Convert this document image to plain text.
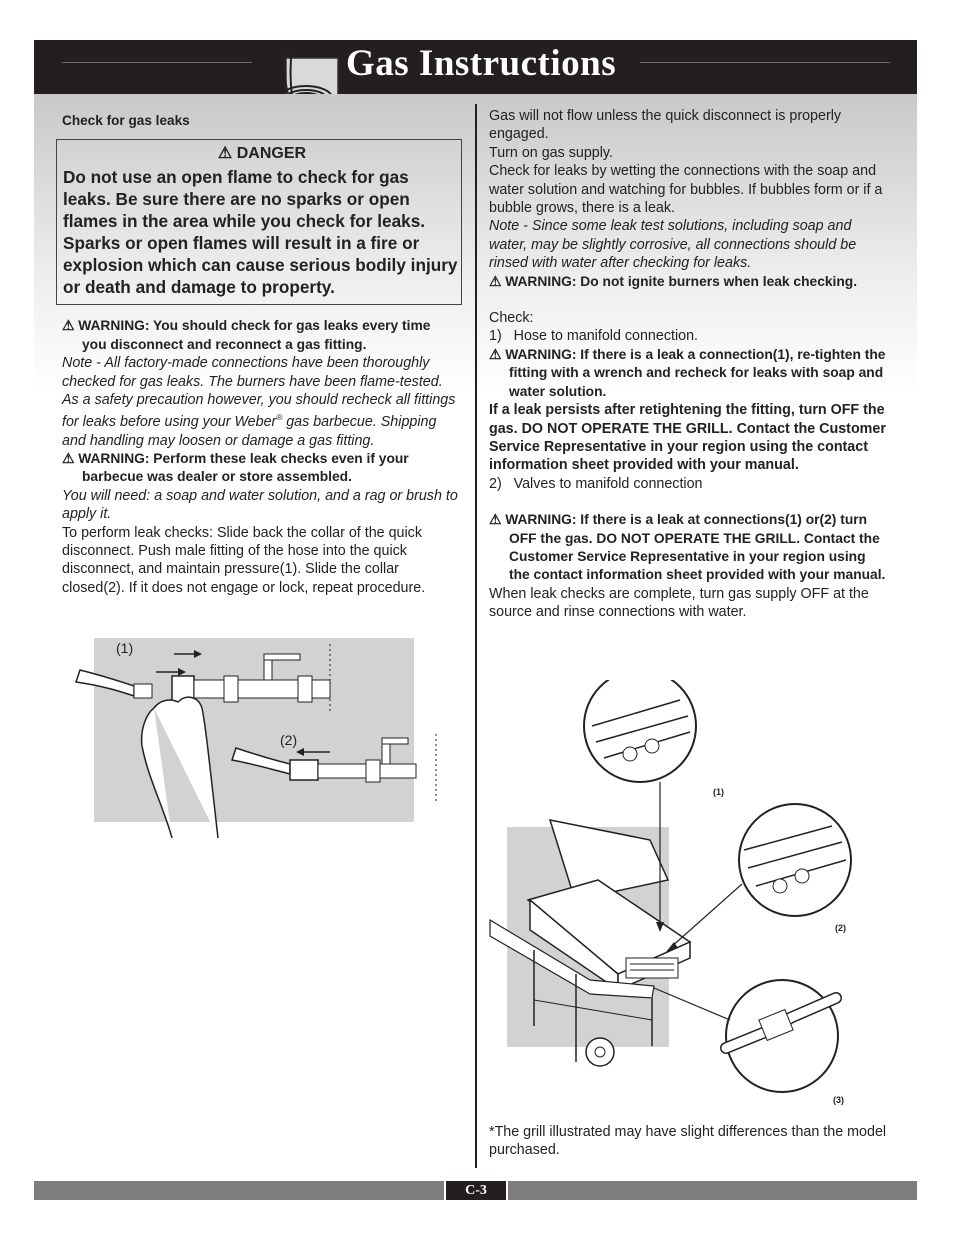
Gas Instructions

Check for gas leaks

⚠ DANGER
Do not use an open flame to check for gas leaks. Be sure there are no sparks or open flames in the area while you check for leaks. Sparks or open flames will result in a fire or explosion which can cause serious bodily injury or death and damage to property.

⚠ WARNING: You should check for gas leaks every time you disconnect and reconnect a gas fitting.

Note - All factory-made connections have been thoroughly checked for gas leaks. The burners have been flame-tested. As a safety precaution however, you should recheck all fittings for leaks before using your Weber® gas barbecue. Shipping and handling may loosen or damage a gas fitting.

⚠ WARNING: Perform these leak checks even if your barbecue was dealer or store assembled.

You will need: a soap and water solution, and a rag or brush to apply it.

To perform leak checks: Slide back the collar of the quick disconnect. Push male fitting of the hose into the quick disconnect, and maintain pressure(1). Slide the collar closed(2). If it does not engage or lock, repeat procedure.

(1)
(2)

Gas will not flow unless the quick disconnect is properly engaged.

Turn on gas supply.

Check for leaks by wetting the connections with the soap and water solution and watching for bubbles. If bubbles form or if a bubble grows, there is a leak.

Note - Since some leak test solutions, including soap and water, may be slightly corrosive, all connections should be rinsed with water after checking for leaks.

⚠ WARNING: Do not ignite burners when leak checking.

Check:

1)   Hose to manifold connection.

⚠ WARNING: If there is a leak a connection(1), re-tighten the fitting with a wrench and recheck for leaks with soap and water solution.

If a leak persists after retightening the fitting, turn OFF the gas. DO NOT OPERATE THE GRILL. Contact the Customer Service Representative in your region using the contact information sheet provided with your manual.

2)   Valves to manifold connection

⚠ WARNING: If there is a leak at connections(1) or(2) turn OFF the gas. DO NOT OPERATE THE GRILL. Contact the Customer Service Representative in your region using the contact information sheet provided with your manual.

When leak checks are complete, turn gas supply OFF at the source and rinse connections with water.

(1)
(2)
(3)
*The grill illustrated may have slight differences than the model purchased.
C-3
